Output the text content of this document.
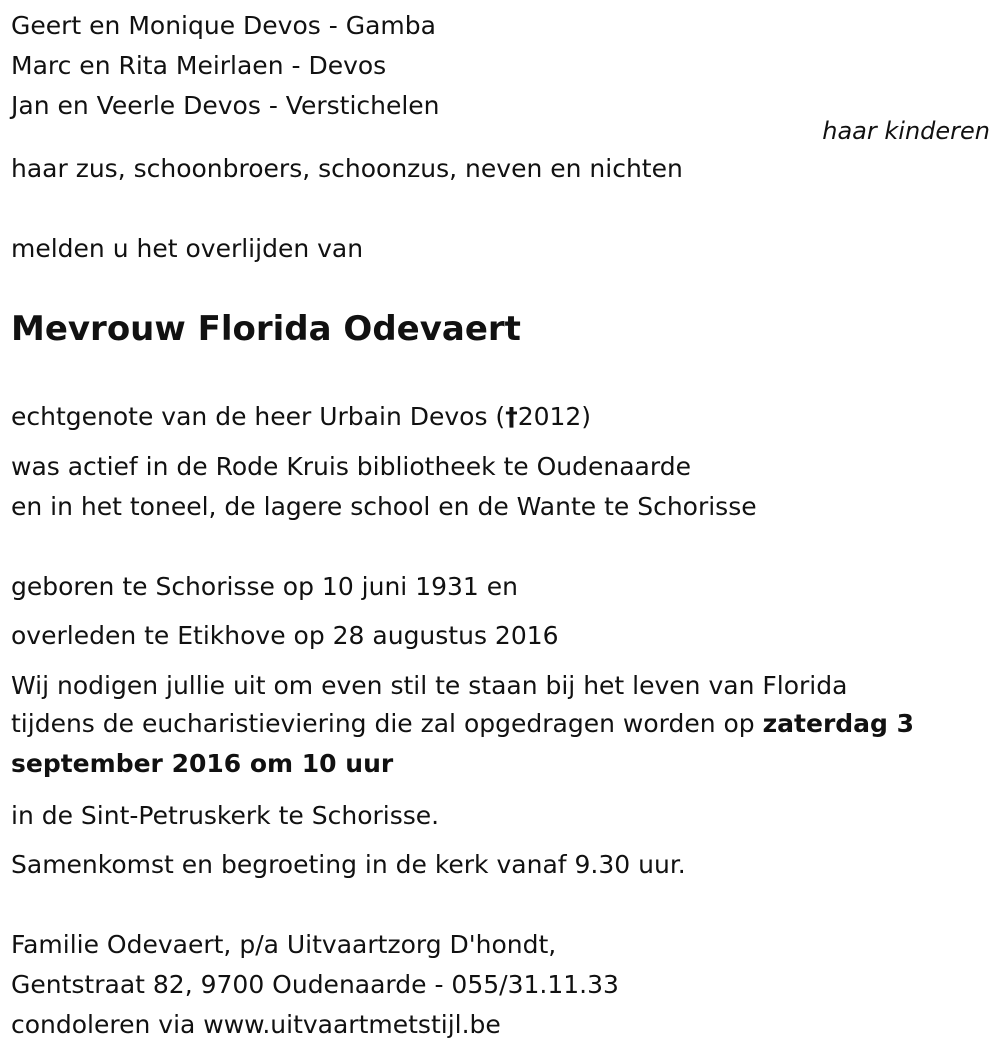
Geert en Monique Devos - Gamba
Marc en Rita Meirlaen - Devos
Jan en Veerle Devos - Verstichelen
haar kinderen
haar zus, schoonbroers, schoonzus, neven en nichten
melden u het overlijden van
Mevrouw Florida Odevaert
echtgenote van de heer Urbain Devos (†2012)
was actief in de Rode Kruis bibliotheek te Oudenaarde
en in het toneel, de lagere school en de Wante te Schorisse
geboren te Schorisse op 10 juni 1931 en
overleden te Etikhove op 28 augustus 2016
Wij nodigen jullie uit om even stil te staan bij het leven van Florida
tijdens de eucharistieviering die zal opgedragen worden op zaterdag 3 september 2016 om 10 uur
in de Sint-Petruskerk te Schorisse.
Samenkomst en begroeting in de kerk vanaf 9.30 uur.
Familie Odevaert, p/a Uitvaartzorg D'hondt,
Gentstraat 82, 9700 Oudenaarde - 055/31.11.33
condoleren via www.uitvaartmetstijl.be
